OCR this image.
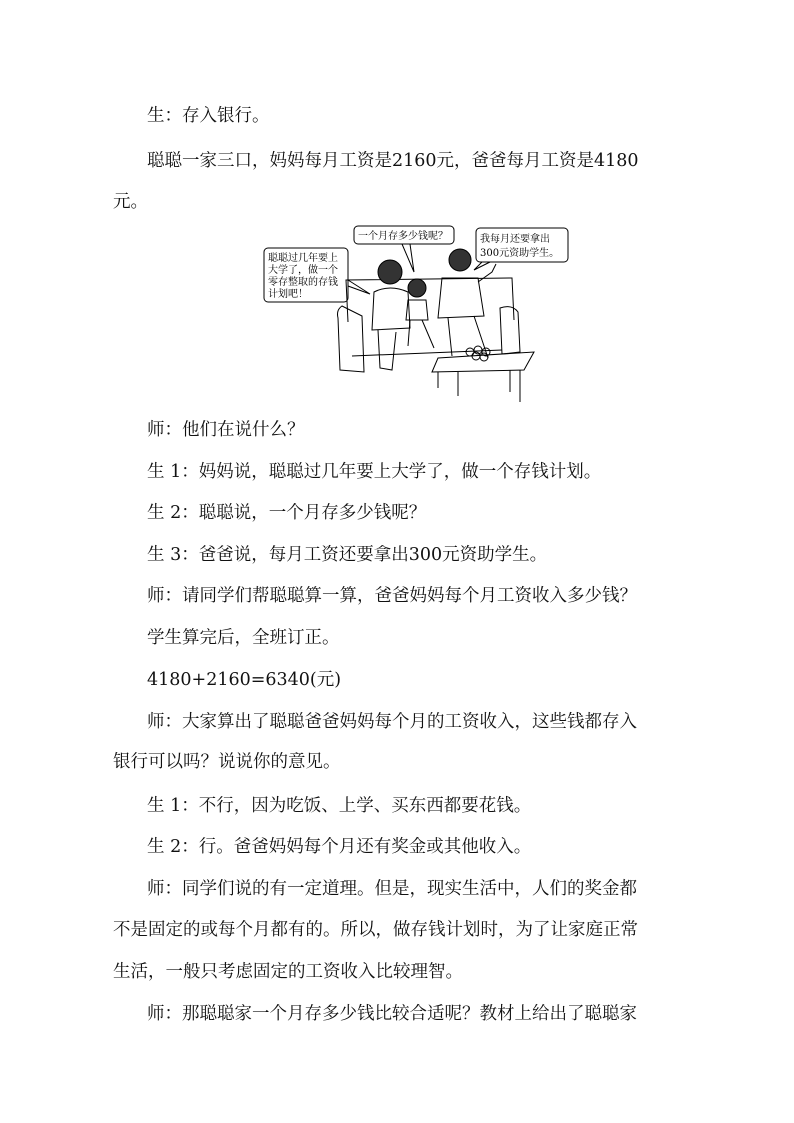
生：存入银行。

聪聪一家三口，妈妈每月工资是2160元，爸爸每月工资是4180

元。

聪聪过几年要上
大学了，做一个
零存整取的存钱
计划吧！
一个月存多少钱呢？	我每月还要拿出
300元资助学生。

师：他们在说什么？

生 1：妈妈说，聪聪过几年要上大学了，做一个存钱计划。

生 2：聪聪说，一个月存多少钱呢？

生 3：爸爸说，每月工资还要拿出300元资助学生。

师：请同学们帮聪聪算一算，爸爸妈妈每个月工资收入多少钱？

学生算完后，全班订正。

4180+2160=6340(元)

师：大家算出了聪聪爸爸妈妈每个月的工资收入，这些钱都存入

银行可以吗？说说你的意见。

生 1：不行，因为吃饭、上学、买东西都要花钱。

生 2：行。爸爸妈妈每个月还有奖金或其他收入。

师：同学们说的有一定道理。但是，现实生活中，人们的奖金都

不是固定的或每个月都有的。所以，做存钱计划时，为了让家庭正常

生活，一般只考虑固定的工资收入比较理智。

师：那聪聪家一个月存多少钱比较合适呢？教材上给出了聪聪家
